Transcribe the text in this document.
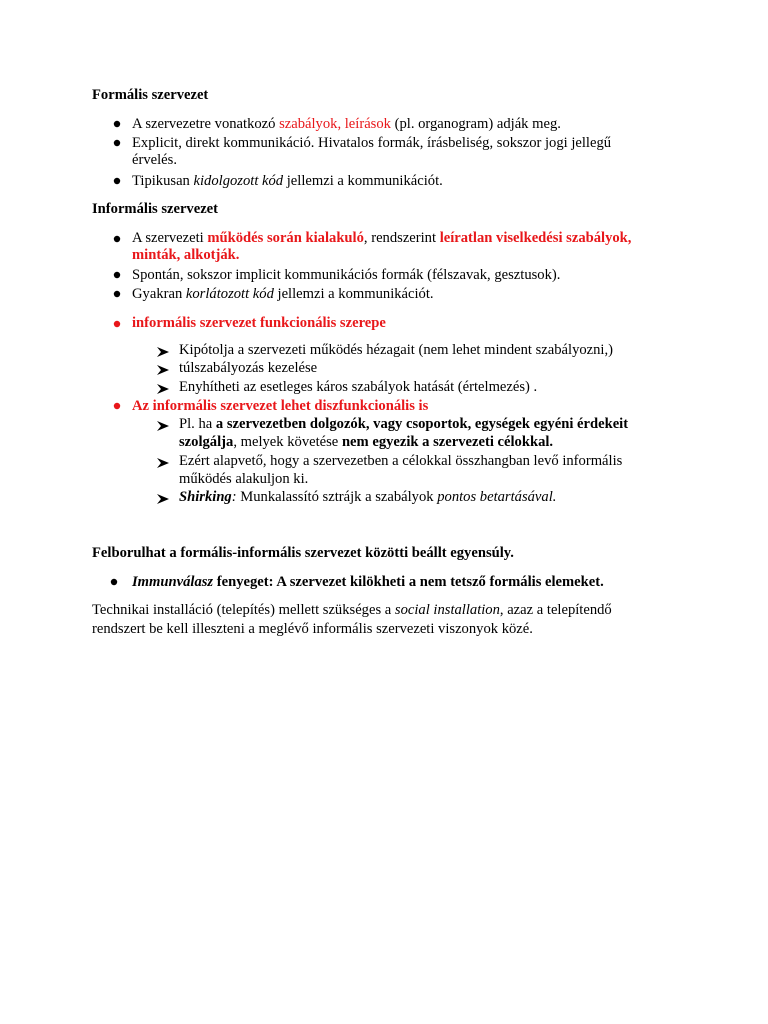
Formális szervezet
A szervezetre vonatkozó szabályok, leírások (pl. organogram) adják meg.
Explicit, direkt kommunikáció. Hivatalos formák, írásbeliség, sokszor jogi jellegű
érvelés.
Tipikusan kidolgozott kód jellemzi a kommunikációt.
Informális szervezet
A szervezeti működés során kialakuló, rendszerint leíratlan viselkedési szabályok,
minták, alkotják.
Spontán, sokszor implicit kommunikációs formák (félszavak, gesztusok).
Gyakran korlátozott kód jellemzi a kommunikációt.
informális szervezet funkcionális szerepe
Kipótolja a szervezeti működés hézagait (nem lehet mindent szabályozni,)
túlszabályozás kezelése
Enyhítheti az esetleges káros szabályok hatását (értelmezés) .
Az informális szervezet lehet diszfunkcionális is
Pl. ha a szervezetben dolgozók, vagy csoportok, egységek egyéni érdekeit
szolgálja, melyek követése nem egyezik a szervezeti célokkal.
Ezért alapvető, hogy a szervezetben a célokkal összhangban levő informális
működés alakuljon ki.
Shirking: Munkalassító sztrájk a szabályok pontos betartásával.
Felborulhat a formális-informális szervezet közötti beállt egyensúly.
Immunválasz fenyeget: A szervezet kilökheti a nem tetsző formális elemeket.
Technikai installáció (telepítés) mellett szükséges a social installation, azaz a telepítendő
rendszert be kell illeszteni a meglévő informális szervezeti viszonyok közé.
